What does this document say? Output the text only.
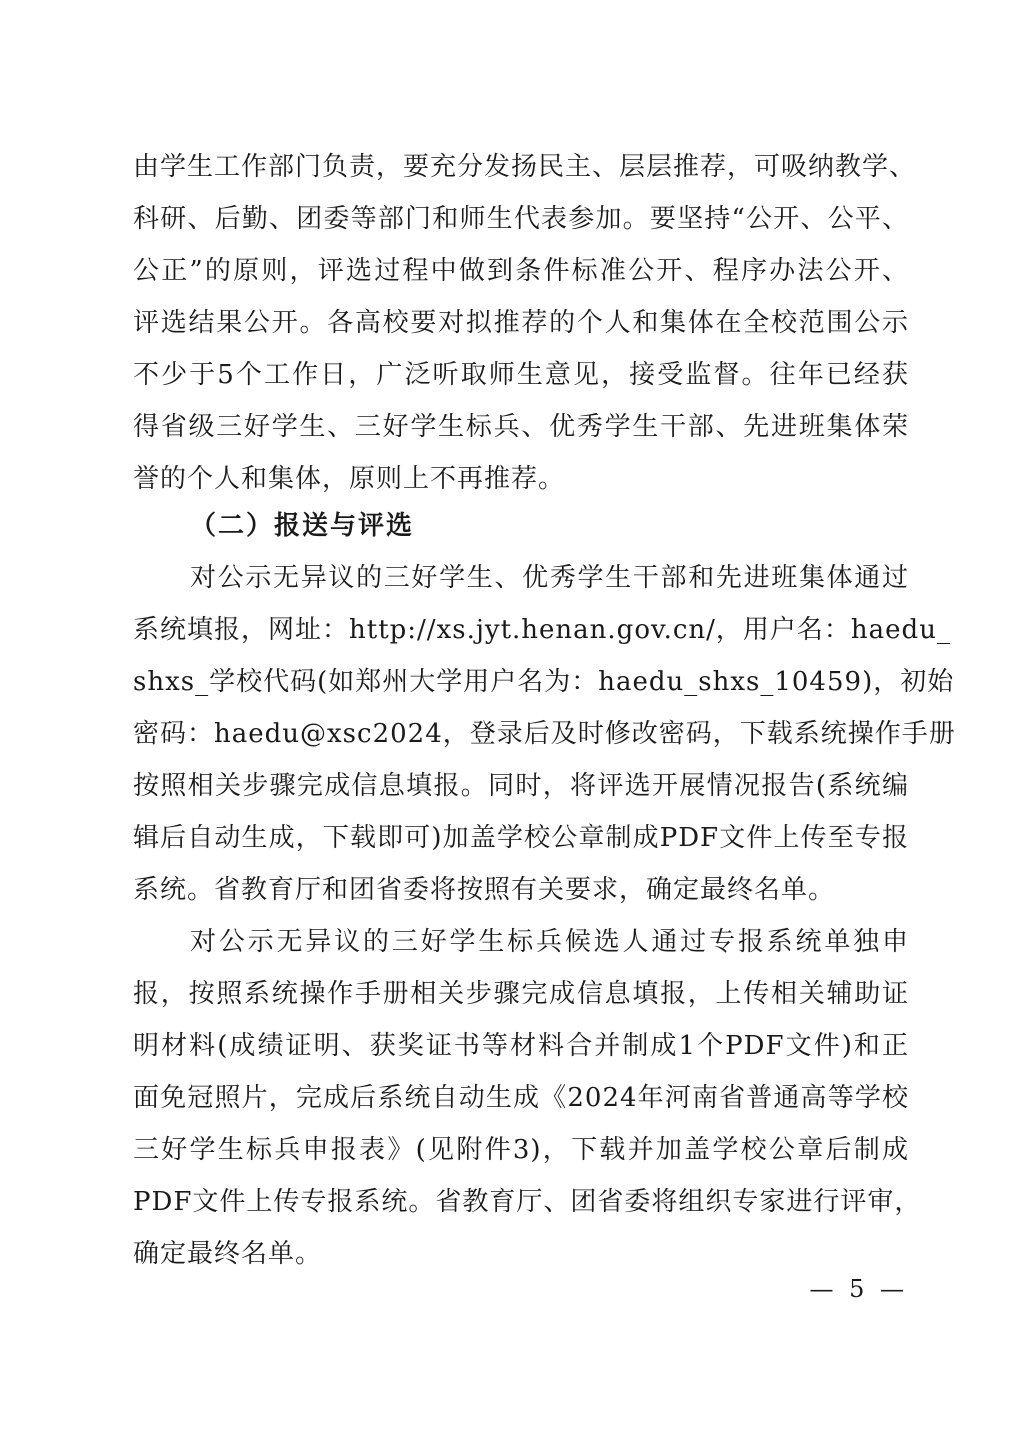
由学生工作部门负责，要充分发扬民主、层层推荐，可吸纳教学、
科研、后勤、团委等部门和师生代表参加。要坚持“公开、公平、
公正”的原则，评选过程中做到条件标准公开、程序办法公开、
评选结果公开。各高校要对拟推荐的个人和集体在全校范围公示
不少于5个工作日，广泛听取师生意见，接受监督。往年已经获
得省级三好学生、三好学生标兵、优秀学生干部、先进班集体荣
誉的个人和集体，原则上不再推荐。
（二）报送与评选
对公示无异议的三好学生、优秀学生干部和先进班集体通过
系统填报，网址：http://xs.jyt.henan.gov.cn/，用户名：haedu_
shxs_学校代码(如郑州大学用户名为：haedu_shxs_10459)，初始
密码：haedu@xsc2024，登录后及时修改密码，下载系统操作手册
按照相关步骤完成信息填报。同时，将评选开展情况报告(系统编
辑后自动生成，下载即可)加盖学校公章制成PDF文件上传至专报
系统。省教育厅和团省委将按照有关要求，确定最终名单。
对公示无异议的三好学生标兵候选人通过专报系统单独申
报，按照系统操作手册相关步骤完成信息填报，上传相关辅助证
明材料(成绩证明、获奖证书等材料合并制成1个PDF文件)和正
面免冠照片，完成后系统自动生成《2024年河南省普通高等学校
三好学生标兵申报表》(见附件3)，下载并加盖学校公章后制成
PDF文件上传专报系统。省教育厅、团省委将组织专家进行评审，
确定最终名单。
— 5 —
